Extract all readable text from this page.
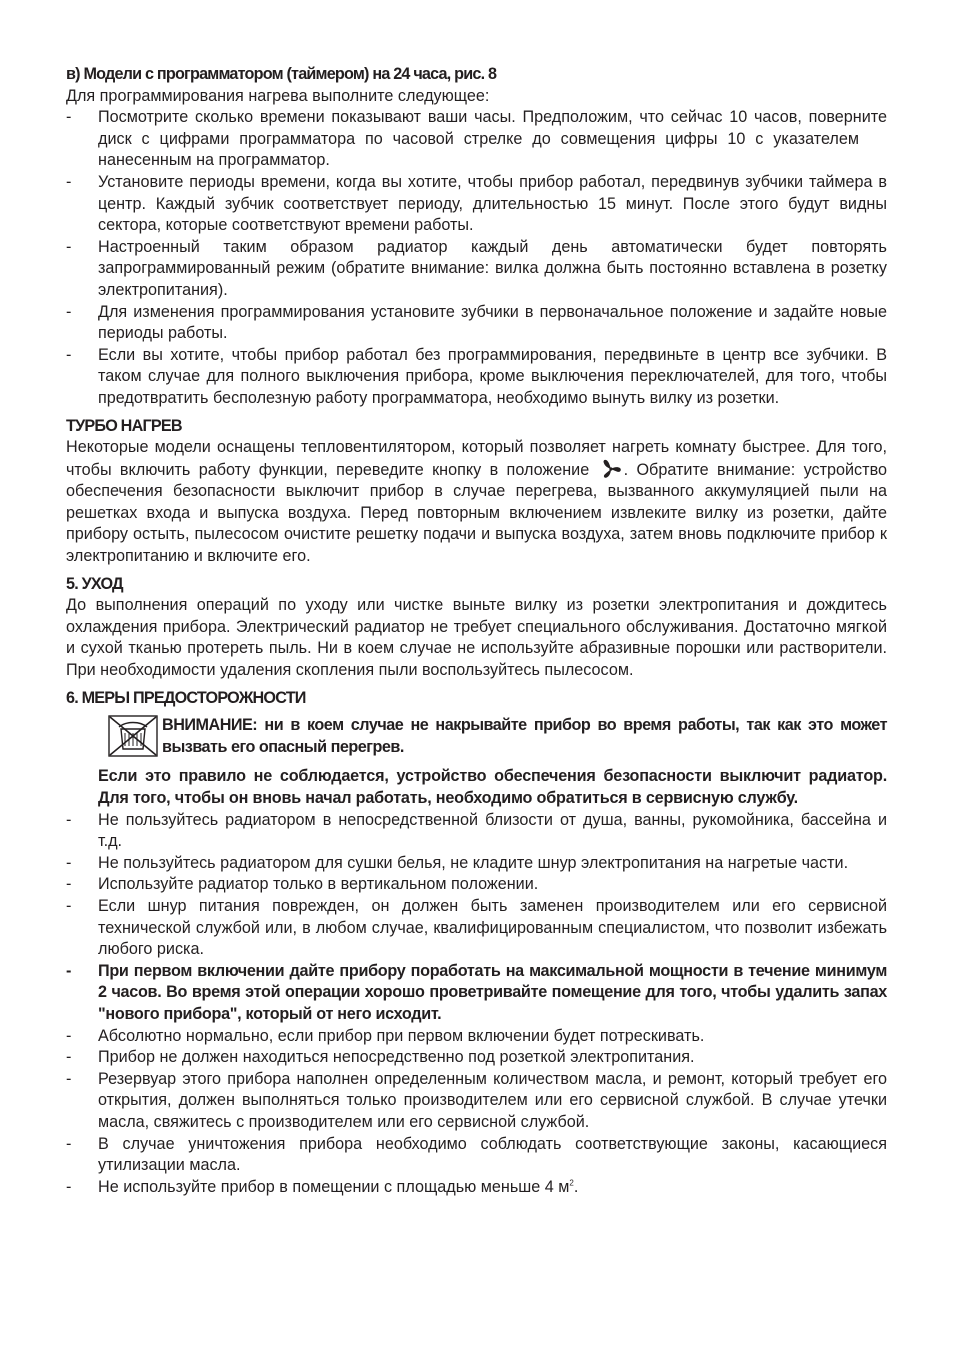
в) Модели с программатором (таймером) на 24 часа, рис. 8

Для программирования нагрева выполните следующее:

- Посмотрите сколько времени показывают ваши часы. Предположим, что сейчас 10 часов, поверните диск с цифрами программатора по часовой стрелке до совмещения цифры 10 с указателемнанесенным на программатор.
- Установите периоды времени, когда вы хотите, чтобы прибор работал, передвинув зубчики таймера в центр. Каждый зубчик соответствует периоду, длительностью 15 минут. После этого будут видны сектора, которые соответствуют времени работы.
- Настроенный таким образом радиатор каждый день автоматически будет повторять запрограммированный режим (обратите внимание: вилка должна быть постоянно вставлена в розетку электропитания).
- Для изменения программирования установите зубчики в первоначальное положение и задайте новые периоды работы.
- Если вы хотите, чтобы прибор работал без программирования, передвиньте в центр все зубчики. В таком случае для полного выключения прибора, кроме выключения переключателей, для того, чтобы предотвратить бесполезную работу программатора, необходимо вынуть вилку из розетки.
ТУРБО НАГРЕВ

Некоторые модели оснащены тепловентилятором, который позволяет нагреть комнату быстрее. Для того, чтобы включить работу функции, переведите кнопку в положение . Обратите внимание: устройство обеспечения безопасности выключит прибор в случае перегрева, вызванного аккумуляцией пыли на решетках входа и выпуска воздуха. Перед повторным включением извлеките вилку из розетки, дайте прибору остыть, пылесосом очистите решетку подачи и выпуска воздуха, затем вновь подключите прибор к электропитанию и включите его.

5. УХОД

До выполнения операций по уходу или чистке выньте вилку из розетки электропитания и дождитесь охлаждения прибора. Электрический радиатор не требует специального обслуживания. Достаточно мягкой и сухой тканью протереть пыль. Ни в коем случае не используйте абразивные порошки или растворители. При необходимости удаления скопления пыли воспользуйтесь пылесосом.

6. МЕРЫ ПРЕДОСТОРОЖНОСТИ

ВНИМАНИЕ: ни в коем случае не накрывайте прибор во время работы, так как это может вызвать его опасный перегрев.

Если это правило не соблюдается, устройство обеспечения безопасности выключит радиатор. Для того, чтобы он вновь начал работать, необходимо обратиться в сервисную службу.

- Не пользуйтесь радиатором в непосредственной близости от душа, ванны, рукомойника, бассейна и т.д.
- Не пользуйтесь радиатором для сушки белья, не кладите шнур электропитания на нагретые части.
- Используйте радиатор только в вертикальном положении.
- Если шнур питания поврежден, он должен быть заменен производителем или его сервисной технической службой или, в любом случае, квалифицированным специалистом, что позволит избежать любого риска.
- При первом включении дайте прибору поработать на максимальной мощности в течение минимум 2 часов. Во время этой операции хорошо проветривайте помещение для того, чтобы удалить запах "нового прибора", который от него исходит.
- Абсолютно нормально, если прибор при первом включении будет потрескивать.
- Прибор не должен находиться непосредственно под розеткой электропитания.
- Резервуар этого прибора наполнен определенным количеством масла, и ремонт, который требует его открытия, должен выполняться только производителем или его сервисной службой. В случае утечки масла, свяжитесь с производителем или его сервисной службой.
- В случае уничтожения прибора необходимо соблюдать соответствующие законы, касающиеся утилизации масла.
- Не используйте прибор в помещении с площадью меньше 4 $м^2$.
